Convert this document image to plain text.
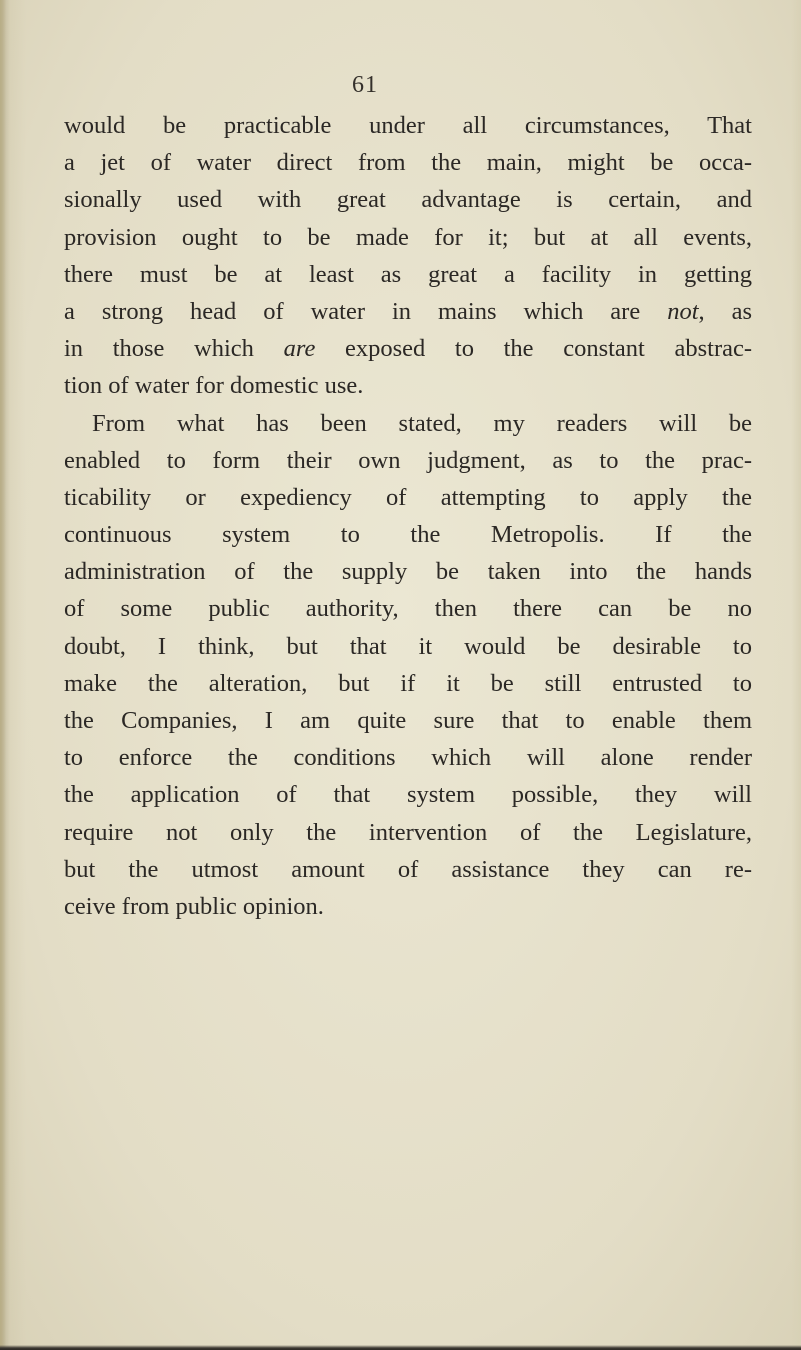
61
would be practicable under all circumstances, That
a jet of water direct from the main, might be occa-
sionally used with great advantage is certain, and
provision ought to be made for it; but at all events,
there must be at least as great a facility in getting
a strong head of water in mains which are not, as
in those which are exposed to the constant abstrac-
tion of water for domestic use.
From what has been stated, my readers will be
enabled to form their own judgment, as to the prac-
ticability or expediency of attempting to apply the
continuous system to the Metropolis. If the
administration of the supply be taken into the hands
of some public authority, then there can be no
doubt, I think, but that it would be desirable to
make the alteration, but if it be still entrusted to
the Companies, I am quite sure that to enable them
to enforce the conditions which will alone render
the application of that system possible, they will
require not only the intervention of the Legislature,
but the utmost amount of assistance they can re-
ceive from public opinion.
